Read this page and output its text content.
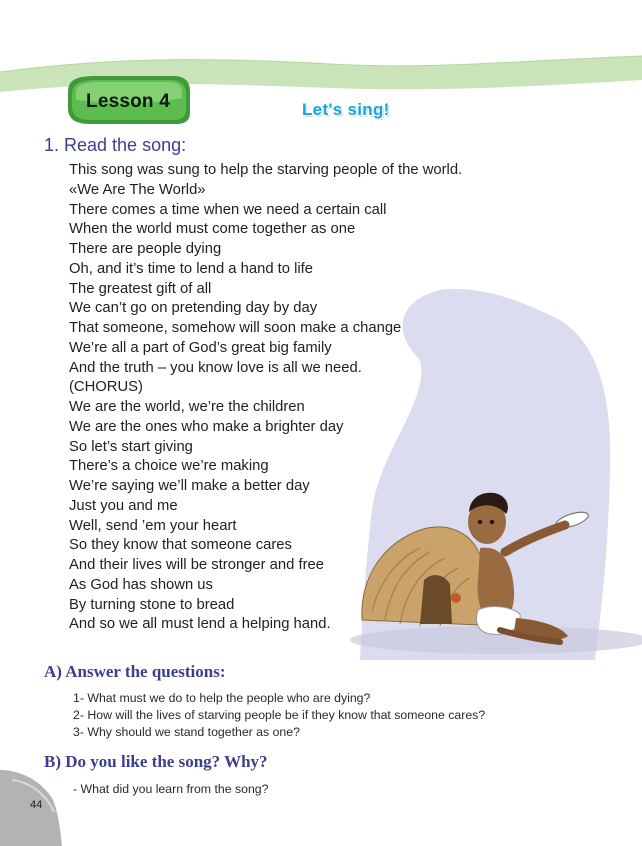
Lesson 4	Let's sing!
1. Read the song:
This song was sung to help the starving people of the world.
«We Are The World»
There comes a time when we need a certain call
When the world must come together as one
There are people dying
Oh, and it’s time to lend a hand to life
The greatest gift of all
We can’t go on pretending day by day
That someone, somehow will soon make a change
We’re all a part of God’s great big family
And the truth – you know love is all we need.
(CHORUS)
We are the world, we’re the children
We are the ones who make a brighter day
So let’s start giving
There’s a choice we’re making
We’re saying we’ll make a better day
Just you and me
Well, send ’em your heart
So they know that someone cares
And their lives will be stronger and free
As God has shown us
By turning stone to bread
And so we all must lend a helping hand.
A) Answer the questions:
1- What must we do to help the people who are dying?
2- How will the lives of starving people be if they know that someone cares?
3- Why should we stand together as one?
B) Do you like the song? Why?
- What did you learn from the song?
44
